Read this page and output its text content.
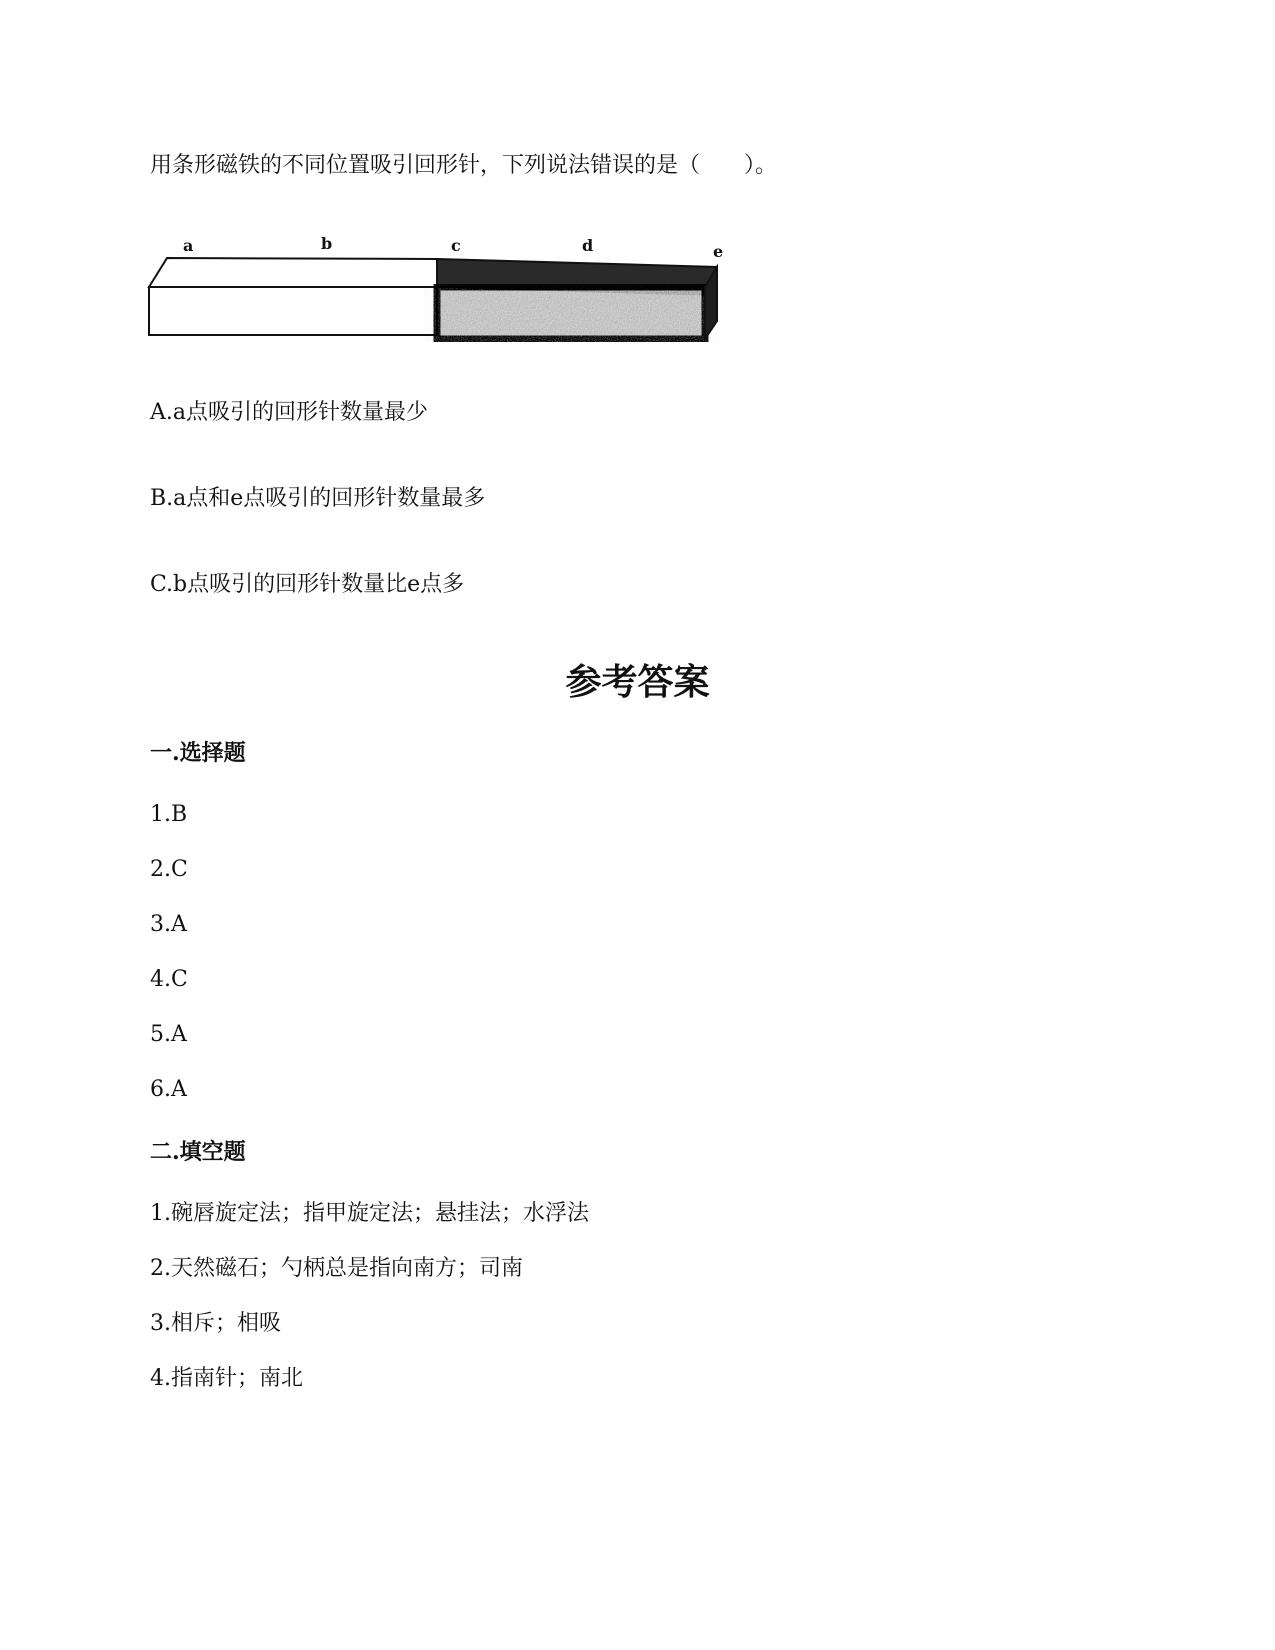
用条形磁铁的不同位置吸引回形针，下列说法错误的是（　　）。
a	b	c	d	e
A.a点吸引的回形针数量最少
B.a点和e点吸引的回形针数量最多
C.b点吸引的回形针数量比e点多
参考答案
一.选择题
1.B
2.C
3.A
4.C
5.A
6.A
二.填空题
1.碗唇旋定法；指甲旋定法；悬挂法；水浮法
2.天然磁石；勺柄总是指向南方；司南
3.相斥；相吸
4.指南针；南北
